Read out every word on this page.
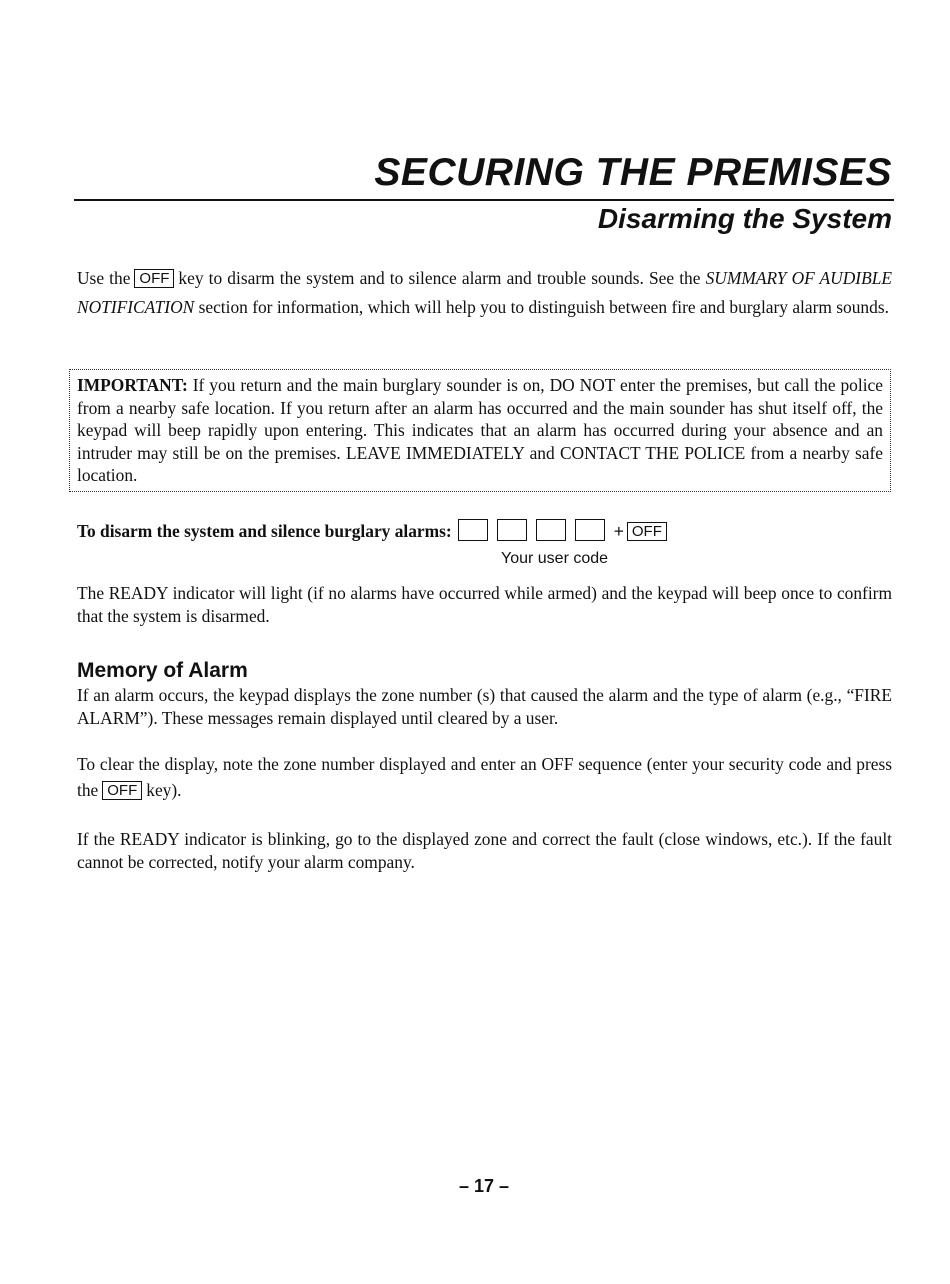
SECURING THE PREMISES
Disarming the System

Use the OFF key to disarm the system and to silence alarm and trouble sounds. See the SUMMARY OF AUDIBLE NOTIFICATION section for information, which will help you to distinguish between fire and burglary alarm sounds.

IMPORTANT: If you return and the main burglary sounder is on, DO NOT enter the premises, but call the police from a nearby safe location. If you return after an alarm has occurred and the main sounder has shut itself off, the keypad will beep rapidly upon entering. This indicates that an alarm has occurred during your absence and an intruder may still be on the premises. LEAVE IMMEDIATELY and CONTACT THE POLICE from a nearby safe location.
To disarm the system and silence burglary alarms:	+ OFF
Your user code

The READY indicator will light (if no alarms have occurred while armed) and the keypad will beep once to confirm that the system is disarmed.

Memory of Alarm

If an alarm occurs, the keypad displays the zone number (s) that caused the alarm and the type of alarm (e.g., “FIRE ALARM”). These messages remain displayed until cleared by a user.

To clear the display, note the zone number displayed and enter an OFF sequence (enter your security code and press the OFF key).

If the READY indicator is blinking, go to the displayed zone and correct the fault (close windows, etc.). If the fault cannot be corrected, notify your alarm company.

– 17 –
